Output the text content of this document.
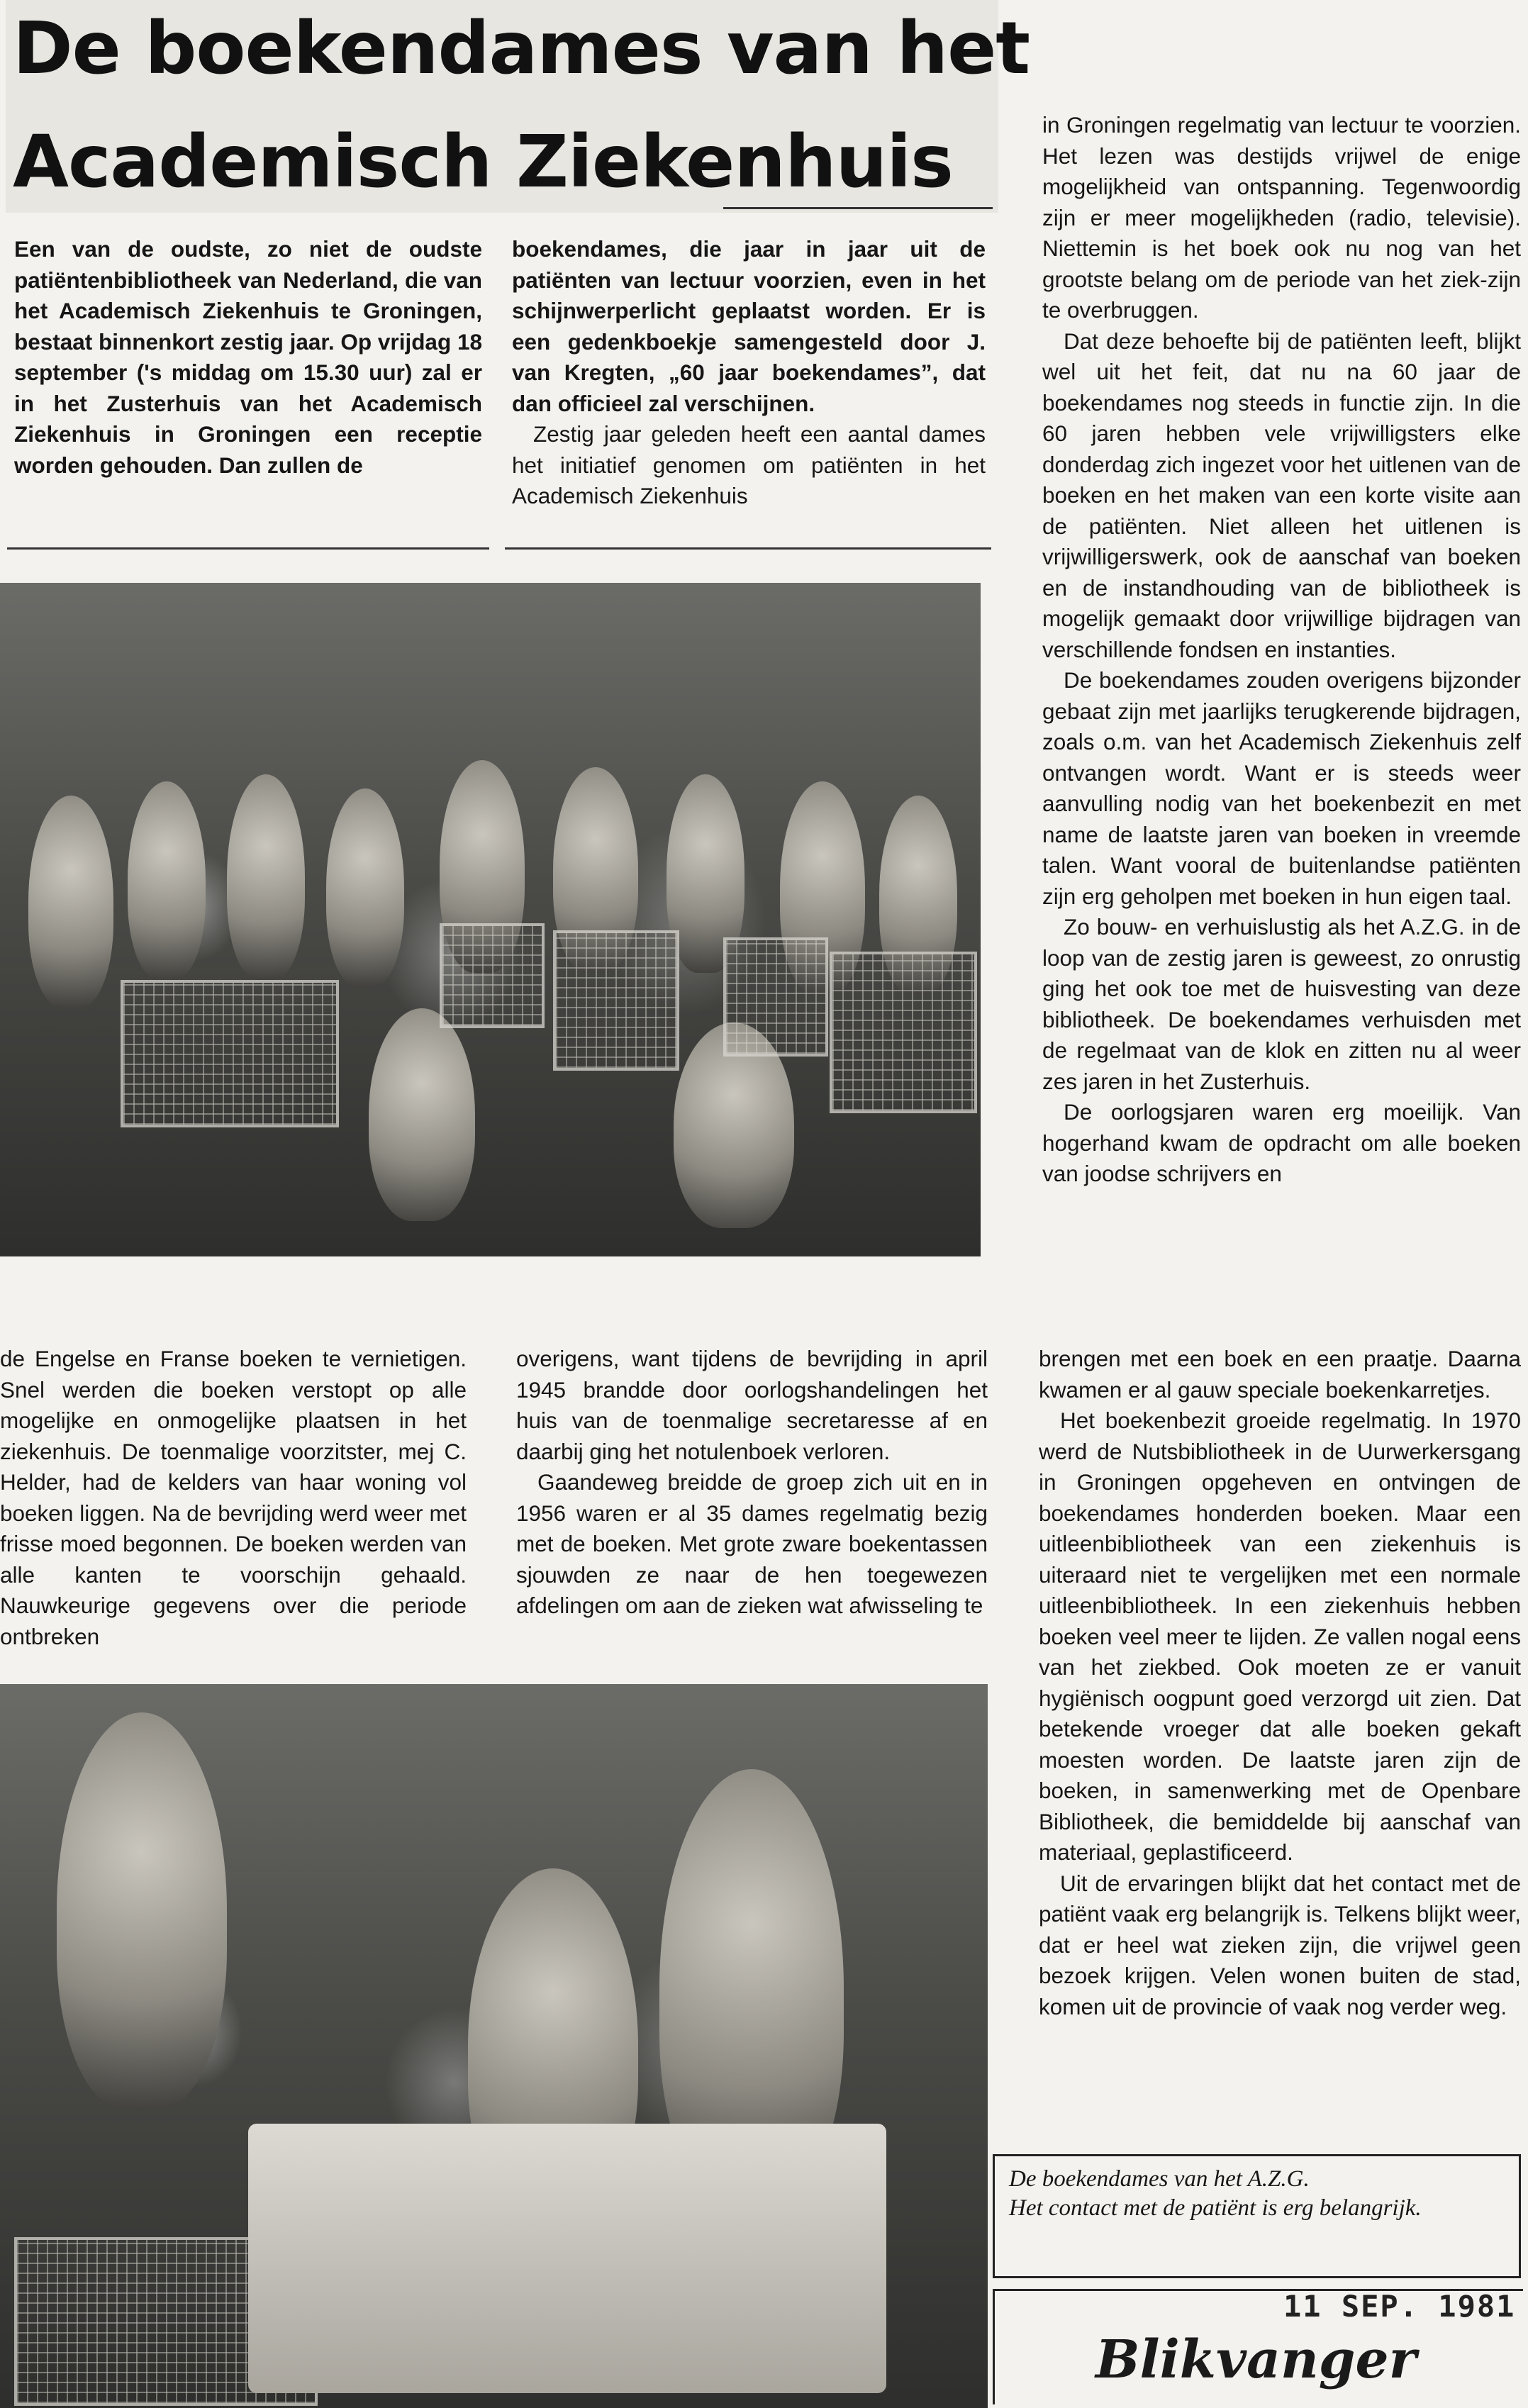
De boekendames van het
Academisch Ziekenhuis

Een van de oudste, zo niet de oudste patiëntenbibliotheek van Nederland, die van het Academisch Ziekenhuis te Groningen, bestaat binnenkort zestig jaar. Op vrijdag 18 september ('s middag om 15.30 uur) zal er in het Zusterhuis van het Academisch Ziekenhuis in Groningen een receptie worden gehouden. Dan zullen de

boekendames, die jaar in jaar uit de patiënten van lectuur voorzien, even in het schijnwerperlicht geplaatst worden. Er is een gedenkboekje samengesteld door J. van Kregten, „60 jaar boekendames”, dat dan officieel zal verschijnen.

Zestig jaar geleden heeft een aantal dames het initiatief genomen om patiënten in het Academisch Ziekenhuis

in Groningen regelmatig van lectuur te voorzien. Het lezen was destijds vrijwel de enige mogelijkheid van ontspanning. Tegenwoordig zijn er meer mogelijkheden (radio, televisie). Niettemin is het boek ook nu nog van het grootste belang om de periode van het ziek-zijn te overbruggen.

Dat deze behoefte bij de patiënten leeft, blijkt wel uit het feit, dat nu na 60 jaar de boekendames nog steeds in functie zijn. In die 60 jaren hebben vele vrijwilligsters elke donderdag zich ingezet voor het uitlenen van de boeken en het maken van een korte visite aan de patiënten. Niet alleen het uitlenen is vrijwilligerswerk, ook de aanschaf van boeken en de instandhouding van de bibliotheek is mogelijk gemaakt door vrijwillige bijdragen van verschillende fondsen en instanties.

De boekendames zouden overigens bijzonder gebaat zijn met jaarlijks terugkerende bijdragen, zoals o.m. van het Academisch Ziekenhuis zelf ontvangen wordt. Want er is steeds weer aanvulling nodig van het boekenbezit en met name de laatste jaren van boeken in vreemde talen. Want vooral de buitenlandse patiënten zijn erg geholpen met boeken in hun eigen taal.

Zo bouw- en verhuislustig als het A.Z.G. in de loop van de zestig jaren is geweest, zo onrustig ging het ook toe met de huisvesting van deze bibliotheek. De boekendames verhuisden met de regelmaat van de klok en zitten nu al weer zes jaren in het Zusterhuis.

De oorlogsjaren waren erg moeilijk. Van hogerhand kwam de opdracht om alle boeken van joodse schrijvers en

de Engelse en Franse boeken te vernietigen. Snel werden die boeken verstopt op alle mogelijke en onmogelijke plaatsen in het ziekenhuis. De toenmalige voorzitster, mej C. Helder, had de kelders van haar woning vol boeken liggen. Na de bevrijding werd weer met frisse moed begonnen. De boeken werden van alle kanten te voorschijn gehaald. Nauwkeurige gegevens over die periode ontbreken

overigens, want tijdens de bevrijding in april 1945 brandde door oorlogshandelingen het huis van de toenmalige secretaresse af en daarbij ging het notulenboek verloren.

Gaandeweg breidde de groep zich uit en in 1956 waren er al 35 dames regelmatig bezig met de boeken. Met grote zware boekentassen sjouwden ze naar de hen toegewezen afdelingen om aan de zieken wat afwisseling te

brengen met een boek en een praatje. Daarna kwamen er al gauw speciale boekenkarretjes.

Het boekenbezit groeide regelmatig. In 1970 werd de Nutsbibliotheek in de Uurwerkersgang in Groningen opgeheven en ontvingen de boekendames honderden boeken. Maar een uitleenbibliotheek van een ziekenhuis is uiteraard niet te vergelijken met een normale uitleenbibliotheek. In een ziekenhuis hebben boeken veel meer te lijden. Ze vallen nogal eens van het ziekbed. Ook moeten ze er vanuit hygiënisch oogpunt goed verzorgd uit zien. Dat betekende vroeger dat alle boeken gekaft moesten worden. De laatste jaren zijn de boeken, in samenwerking met de Openbare Bibliotheek, die bemiddelde bij aanschaf van materiaal, geplastificeerd.

Uit de ervaringen blijkt dat het contact met de patiënt vaak erg belangrijk is. Telkens blijkt weer, dat er heel wat zieken zijn, die vrijwel geen bezoek krijgen. Velen wonen buiten de stad, komen uit de provincie of vaak nog verder weg.

De boekendames van het A.Z.G.
Het contact met de patiënt is erg belangrijk.
11 SEP. 1981
Blikvanger
